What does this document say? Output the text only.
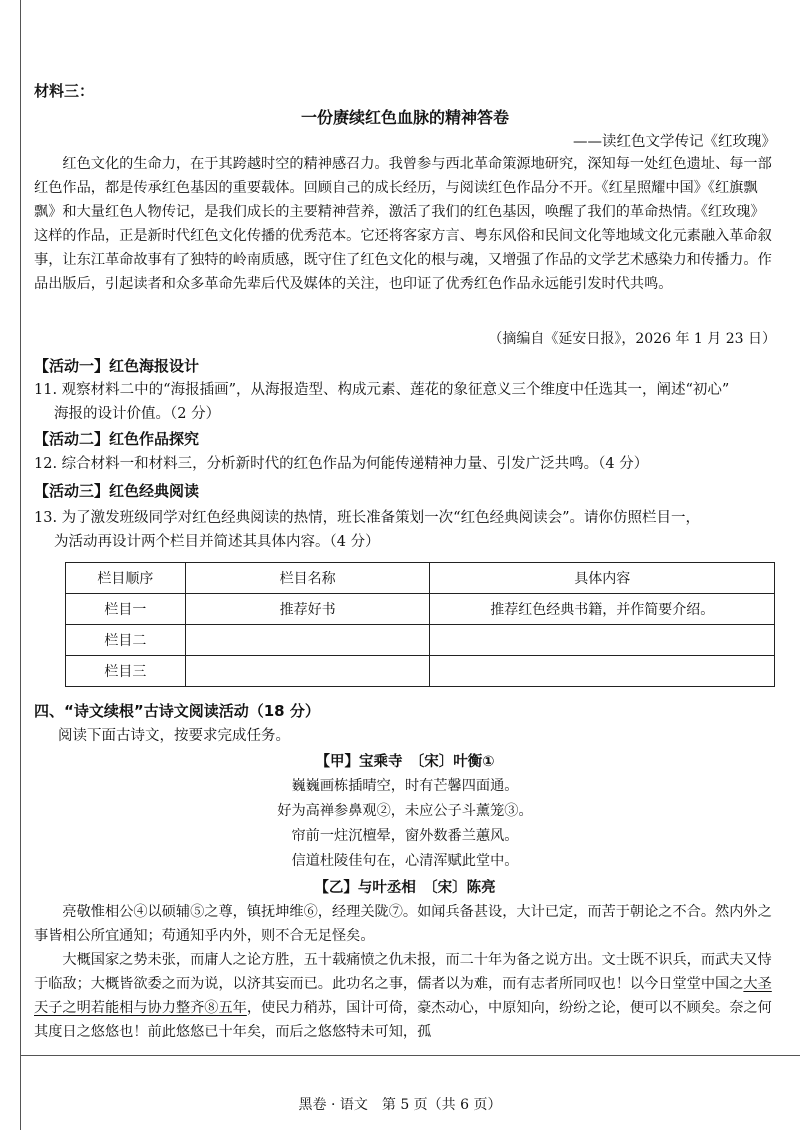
材料三：
一份赓续红色血脉的精神答卷
——读红色文学传记《红玫瑰》

红色文化的生命力，在于其跨越时空的精神感召力。我曾参与西北革命策源地研究，深知每一处红色遗址、每一部红色作品，都是传承红色基因的重要载体。回顾自己的成长经历，与阅读红色作品分不开。《红星照耀中国》《红旗飘飘》和大量红色人物传记，是我们成长的主要精神营养，激活了我们的红色基因，唤醒了我们的革命热情。《红玫瑰》这样的作品，正是新时代红色文化传播的优秀范本。它还将客家方言、粤东风俗和民间文化等地域文化元素融入革命叙事，让东江革命故事有了独特的岭南质感，既守住了红色文化的根与魂，又增强了作品的文学艺术感染力和传播力。作品出版后，引起读者和众多革命先辈后代及媒体的关注，也印证了优秀红色作品永远能引发时代共鸣。

（摘编自《延安日报》，2026 年 1 月 23 日）
【活动一】红色海报设计
11. 观察材料二中的“海报插画”，从海报造型、构成元素、莲花的象征意义三个维度中任选其一，阐述“初心”
海报的设计价值。（2 分）
【活动二】红色作品探究
12. 综合材料一和材料三，分析新时代的红色作品为何能传递精神力量、引发广泛共鸣。（4 分）
【活动三】红色经典阅读
13. 为了激发班级同学对红色经典阅读的热情，班长准备策划一次“红色经典阅读会”。请你仿照栏目一，
为活动再设计两个栏目并简述其具体内容。（4 分）
栏目顺序	栏目名称	具体内容
栏目一	推荐好书	推荐红色经典书籍，并作简要介绍。
栏目二		
栏目三		
四、“诗文续根”古诗文阅读活动（18 分）
阅读下面古诗文，按要求完成任务。
【甲】宝乘寺　〔宋〕叶衡①

巍巍画栋插晴空，时有芒馨四面通。

好为高禅参鼻观②，未应公子斗薰笼③。

帘前一炷沉檀晕，窗外数番兰蕙风。

信道杜陵佳句在，心清浑赋此堂中。

【乙】与叶丞相　〔宋〕陈亮

亮敬惟相公④以硕辅⑤之尊，镇抚坤维⑥，经理关陇⑦。如闻兵备甚设，大计已定，而苦于朝论之不合。然内外之事皆相公所宜通知；苟通知乎内外，则不合无足怪矣。

大概国家之势未张，而庸人之论方胜，五十载痛愤之仇未报，而二十年为备之说方出。文士既不识兵，而武夫又恃于临敌；大概皆欲委之而为说，以济其妄而已。此功名之事，儒者以为难，而有志者所同叹也！以今日堂堂中国之大圣天子之明若能相与协力整齐⑧五年，使民力稍苏，国计可倚，豪杰动心，中原知向，纷纷之论，便可以不顾矣。奈之何其度日之悠悠也！前此悠悠已十年矣，而后之悠悠特未可知，孤

黑卷 · 语文　第 5 页（共 6 页）
